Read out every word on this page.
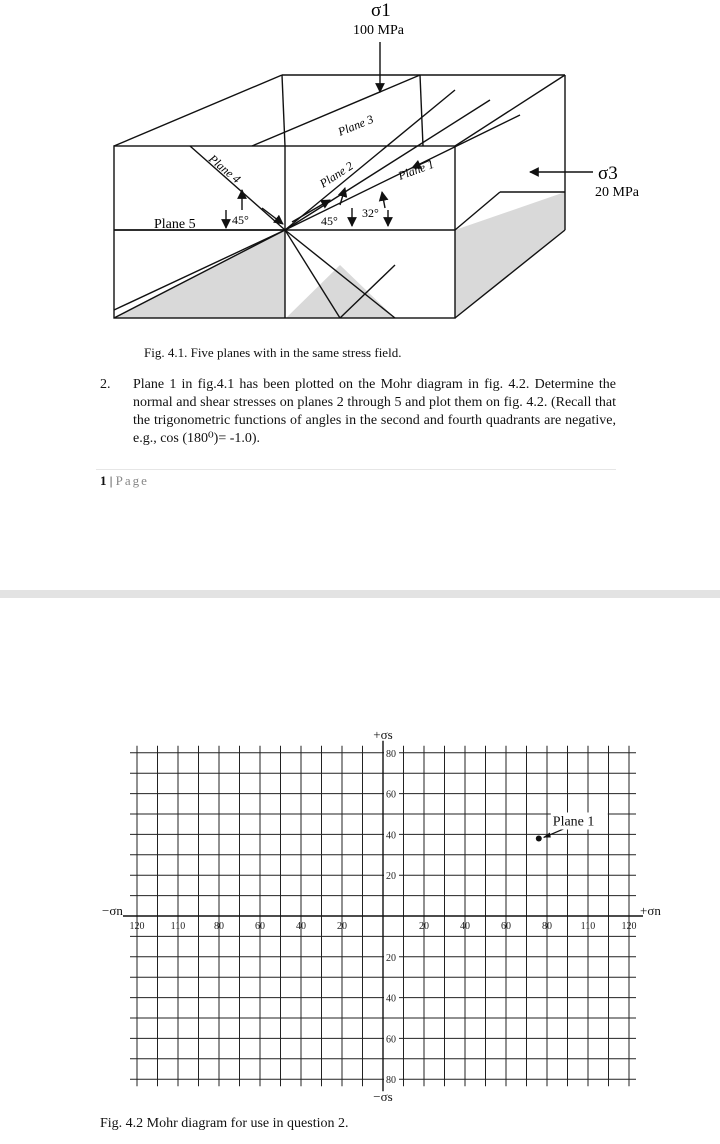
σ1
100 MPa
σ3
20 MPa
Plane 1
Plane 2
Plane 3
Plane 4
Plane 5	45°	45°
32°
Fig. 4.1. Five planes with in the same stress field.
2. Plane 1 in fig.4.1 has been plotted on the Mohr diagram in fig. 4.2. Determine the normal and shear stresses on planes 2 through 5 and plot them on fig. 4.2. (Recall that the trigonometric functions of angles in the second and fourth quadrants are negative, e.g., cos (180⁰)= -1.0).
1 | Page
+σs
−σs
−σn	+σn
120	110	80	60	40	20	20	40	60	80	110	120
80
60
40
20
20
40
60
80
Plane 1
Fig. 4.2 Mohr diagram for use in question 2.
